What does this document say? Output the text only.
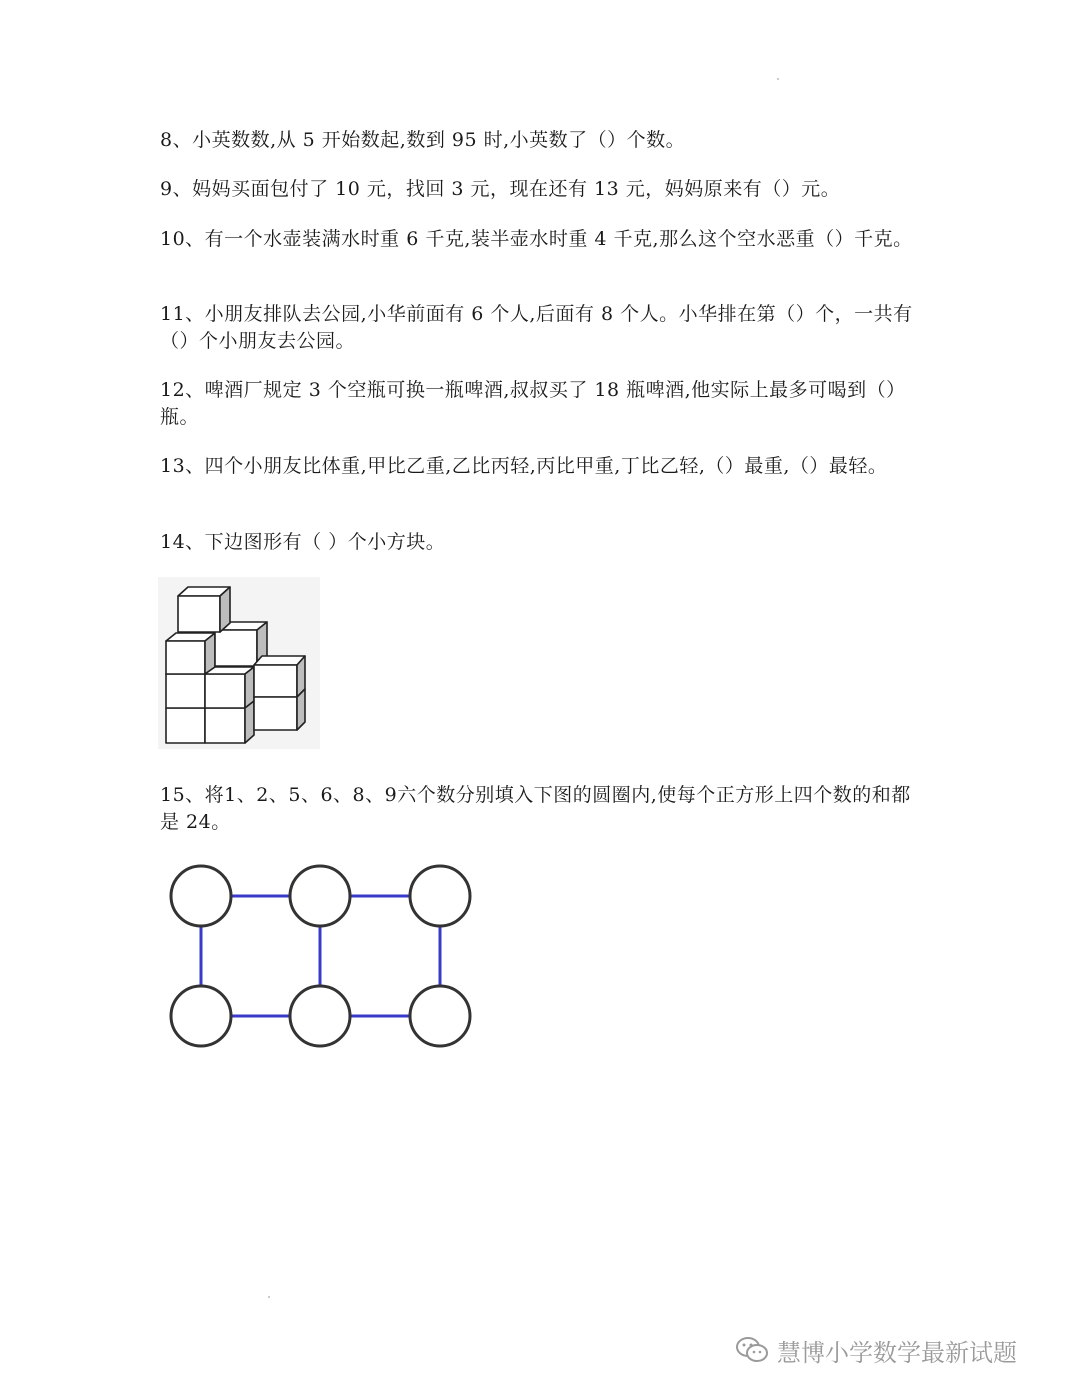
8、小英数数,从 5 开始数起,数到 95 时,小英数了（）个数。

9、妈妈买面包付了 10 元，找回 3 元，现在还有 13 元，妈妈原来有（）元。

10、有一个水壶装满水时重 6 千克,装半壶水时重 4 千克,那么这个空水恶重（）千克。

11、小朋友排队去公园,小华前面有 6 个人,后面有 8 个人。小华排在第（）个，一共有（）个小朋友去公园。

12、啤酒厂规定 3 个空瓶可换一瓶啤酒,叔叔买了 18 瓶啤酒,他实际上最多可喝到（）瓶。

13、四个小朋友比体重,甲比乙重,乙比丙轻,丙比甲重,丁比乙轻,（）最重,（）最轻。

14、下边图形有（ ）个小方块。

15、将1、2、5、6、8、9六个数分别填入下图的圆圈内,使每个正方形上四个数的和都是 24。

慧博小学数学最新试题
